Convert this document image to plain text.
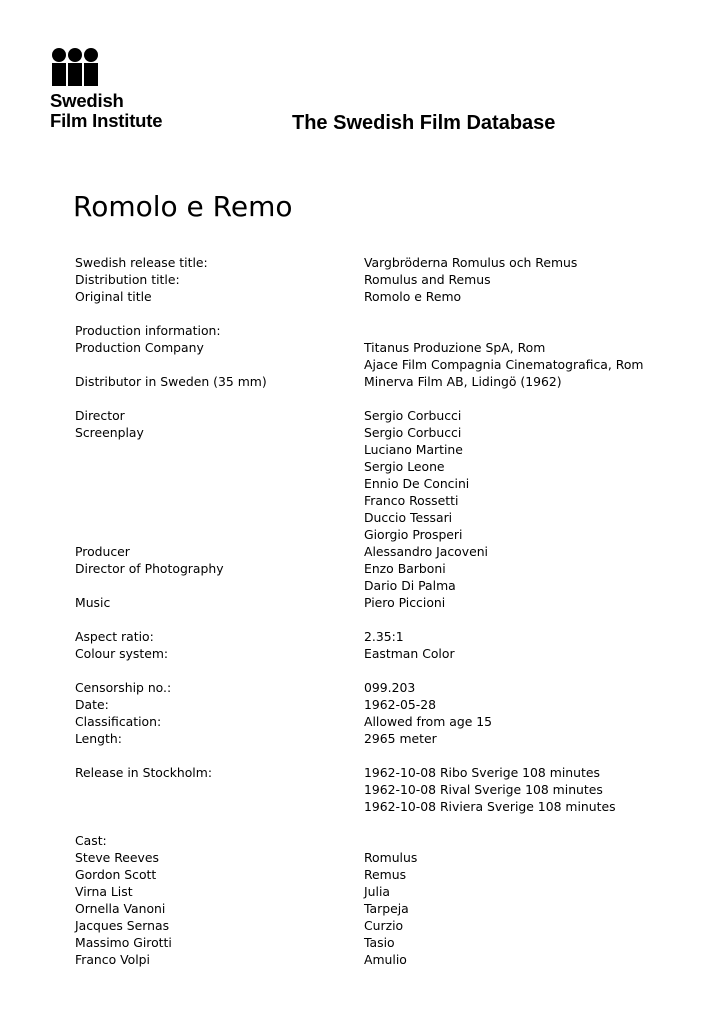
Swedish
Film Institute	The Swedish Film Database
Romolo e Remo
Swedish release title:	Vargbröderna Romulus och Remus
Distribution title:	Romulus and Remus
Original title	Romolo e Remo
Production information:
Production Company	Titanus Produzione SpA, Rom
Ajace Film Compagnia Cinematografica, Rom
Distributor in Sweden (35 mm)	Minerva Film AB, Lidingö (1962)
Director	Sergio Corbucci
Screenplay	Sergio Corbucci
Luciano Martine
Sergio Leone
Ennio De Concini
Franco Rossetti
Duccio Tessari
Giorgio Prosperi
Producer	Alessandro Jacoveni
Director of Photography	Enzo Barboni
Dario Di Palma
Music	Piero Piccioni
Aspect ratio:	2.35:1
Colour system:	Eastman Color
Censorship no.:	099.203
Date:	1962-05-28
Classification:	Allowed from age 15
Length:	2965 meter
Release in Stockholm:	1962-10-08 Ribo Sverige 108 minutes
1962-10-08 Rival Sverige 108 minutes
1962-10-08 Riviera Sverige 108 minutes
Cast:
Steve Reeves	Romulus
Gordon Scott	Remus
Virna List	Julia
Ornella Vanoni	Tarpeja
Jacques Sernas	Curzio
Massimo Girotti	Tasio
Franco Volpi	Amulio
